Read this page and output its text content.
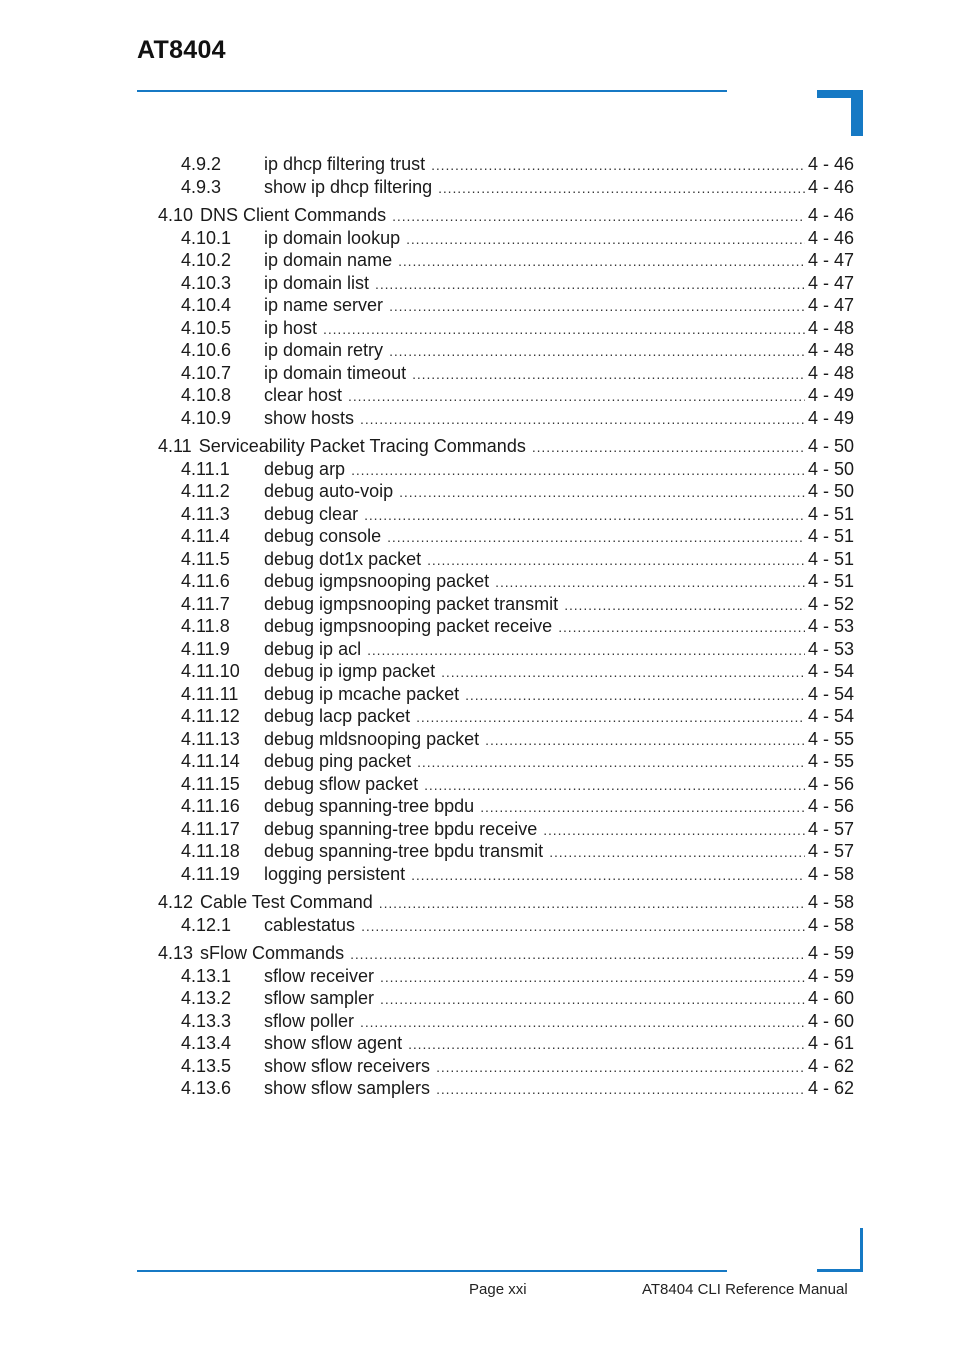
AT8404
4.9.2	ip dhcp filtering trust .....	4 - 46
4.9.3	show ip dhcp filtering .....	4 - 46
4.10 DNS Client Commands .....	4 - 46
4.10.1	ip domain lookup .....	4 - 46
4.10.2	ip domain name .....	4 - 47
4.10.3	ip domain list .....	4 - 47
4.10.4	ip name server .....	4 - 47
4.10.5	ip host .....	4 - 48
4.10.6	ip domain retry .....	4 - 48
4.10.7	ip domain timeout .....	4 - 48
4.10.8	clear host .....	4 - 49
4.10.9	show hosts .....	4 - 49
4.11 Serviceability Packet Tracing Commands .....	4 - 50
4.11.1	debug arp .....	4 - 50
4.11.2	debug auto-voip .....	4 - 50
4.11.3	debug clear .....	4 - 51
4.11.4	debug console .....	4 - 51
4.11.5	debug dot1x packet .....	4 - 51
4.11.6	debug igmpsnooping packet .....	4 - 51
4.11.7	debug igmpsnooping packet transmit .....	4 - 52
4.11.8	debug igmpsnooping packet receive .....	4 - 53
4.11.9	debug ip acl .....	4 - 53
4.11.10	debug ip igmp packet .....	4 - 54
4.11.11	debug ip mcache packet .....	4 - 54
4.11.12	debug lacp packet .....	4 - 54
4.11.13	debug mldsnooping packet .....	4 - 55
4.11.14	debug ping packet .....	4 - 55
4.11.15	debug sflow packet .....	4 - 56
4.11.16	debug spanning-tree bpdu .....	4 - 56
4.11.17	debug spanning-tree bpdu receive .....	4 - 57
4.11.18	debug spanning-tree bpdu transmit .....	4 - 57
4.11.19	logging persistent .....	4 - 58
4.12 Cable Test Command .....	4 - 58
4.12.1	cablestatus .....	4 - 58
4.13 sFlow Commands .....	4 - 59
4.13.1	sflow receiver .....	4 - 59
4.13.2	sflow sampler .....	4 - 60
4.13.3	sflow poller .....	4 - 60
4.13.4	show sflow agent .....	4 - 61
4.13.5	show sflow receivers .....	4 - 62
4.13.6	show sflow samplers .....	4 - 62
Page xxi	AT8404 CLI Reference Manual
